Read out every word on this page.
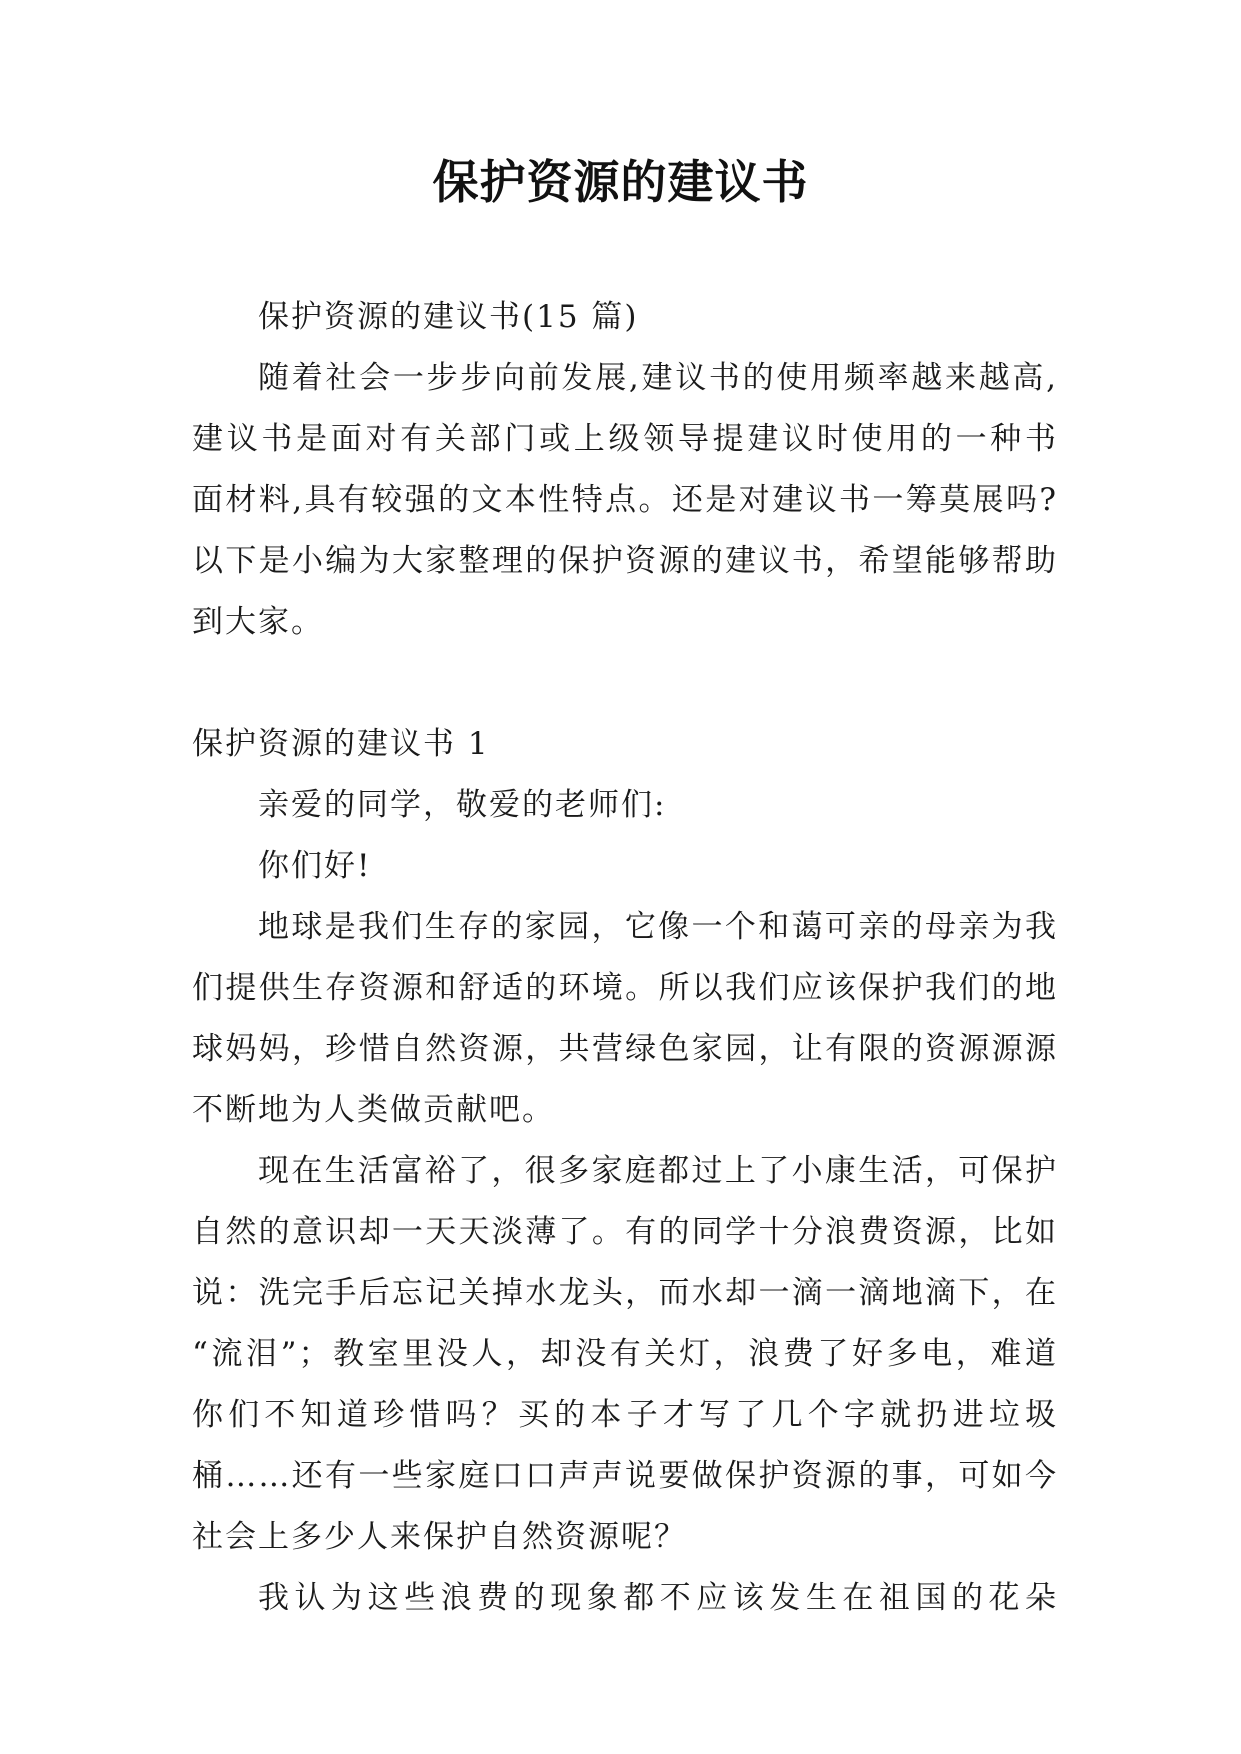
保护资源的建议书
保护资源的建议书(15 篇)
随着社会一步步向前发展,建议书的使用频率越来越高,
建议书是面对有关部门或上级领导提建议时使用的一种书
面材料,具有较强的文本性特点。还是对建议书一筹莫展吗?
以下是小编为大家整理的保护资源的建议书，希望能够帮助
到大家。
保护资源的建议书 1
亲爱的同学，敬爱的老师们:
你们好!
地球是我们生存的家园，它像一个和蔼可亲的母亲为我
们提供生存资源和舒适的环境。所以我们应该保护我们的地
球妈妈，珍惜自然资源，共营绿色家园，让有限的资源源源
不断地为人类做贡献吧。
现在生活富裕了，很多家庭都过上了小康生活，可保护
自然的意识却一天天淡薄了。有的同学十分浪费资源，比如
说：洗完手后忘记关掉水龙头，而水却一滴一滴地滴下，在
“流泪”；教室里没人，却没有关灯，浪费了好多电，难道
你们不知道珍惜吗？买的本子才写了几个字就扔进垃圾
桶……还有一些家庭口口声声说要做保护资源的事，可如今
社会上多少人来保护自然资源呢？
我认为这些浪费的现象都不应该发生在祖国的花朵
